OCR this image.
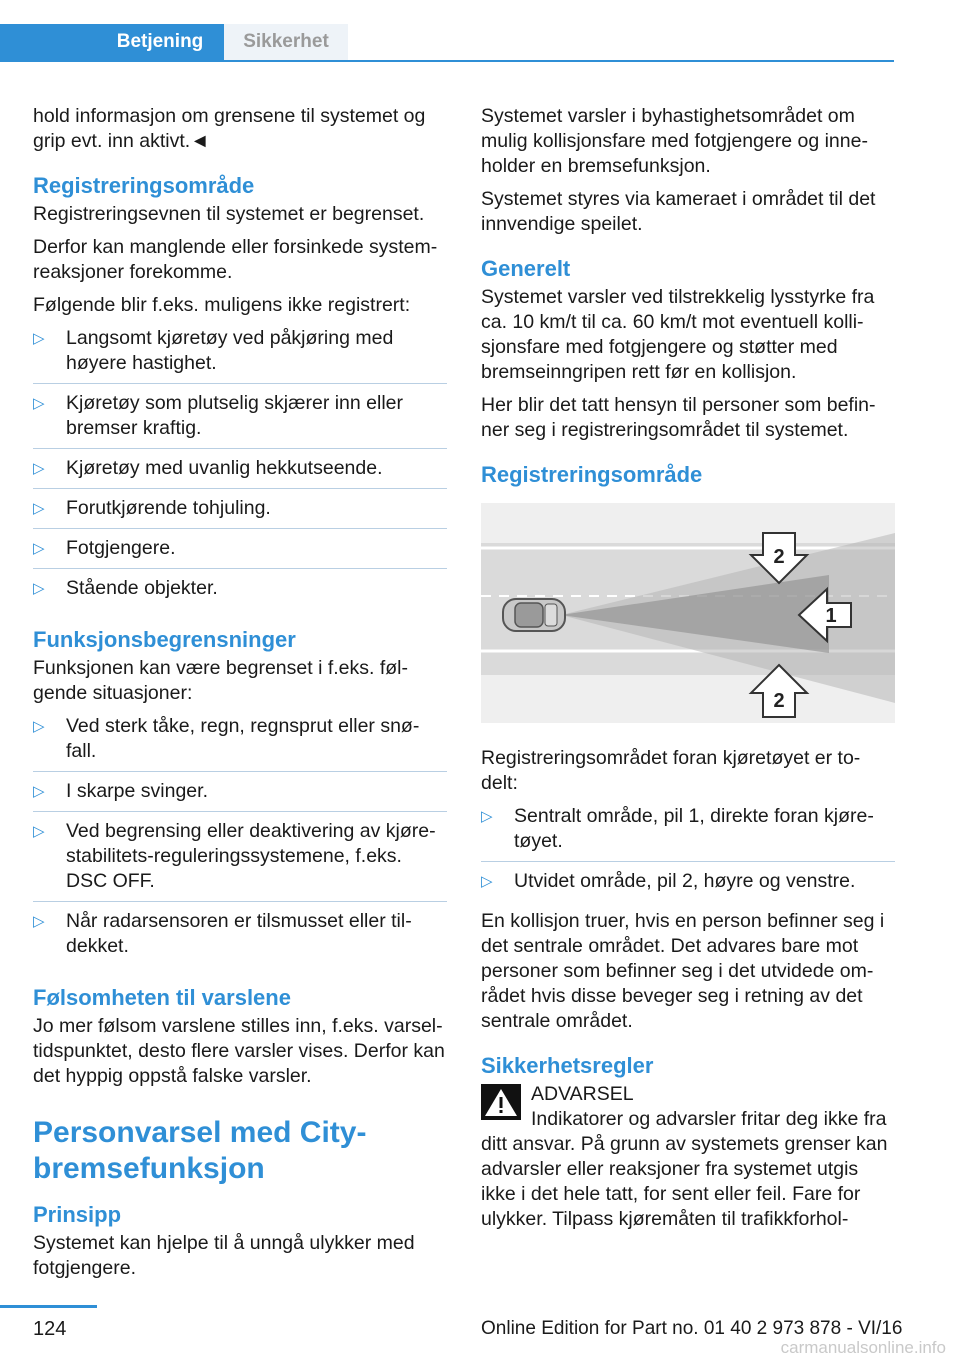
Betjening	Sikkerhet

hold informasjon om grensene til systemet og grip evt. inn aktivt.◄

Registreringsområde

Registreringsevnen til systemet er begrenset.

Derfor kan manglende eller forsinkede system-reaksjoner forekomme.

Følgende blir f.eks. muligens ikke registrert:

▷ Langsomt kjøretøy ved påkjøring med høyere hastighet.
▷ Kjøretøy som plutselig skjærer inn eller bremser kraftig.
▷ Kjøretøy med uvanlig hekkutseende.
▷ Forutkjørende tohjuling.
▷ Fotgjengere.
▷ Stående objekter.
Funksjonsbegrensninger

Funksjonen kan være begrenset i f.eks. føl-gende situasjoner:

▷ Ved sterk tåke, regn, regnsprut eller snø-fall.
▷ I skarpe svinger.
▷ Ved begrensing eller deaktivering av kjøre-stabilitets-reguleringssystemene, f.eks. DSC OFF.
▷ Når radarsensoren er tilsmusset eller til-dekket.
Følsomheten til varslene

Jo mer følsom varslene stilles inn, f.eks. varsel-tidspunktet, desto flere varsler vises. Derfor kan det hyppig oppstå falske varsler.

Personvarsel med City-bremsefunksjon
Prinsipp

Systemet kan hjelpe til å unngå ulykker med fotgjengere.

Systemet varsler i byhastighetsområdet om mulig kollisjonsfare med fotgjengere og inne-holder en bremsefunksjon.

Systemet styres via kameraet i området til det innvendige speilet.

Generelt

Systemet varsler ved tilstrekkelig lysstyrke fra ca. 10 km/t til ca. 60 km/t mot eventuell kolli-sjonsfare med fotgjengere og støtter med bremseinngripen rett før en kollisjon.

Her blir det tatt hensyn til personer som befin-ner seg i registreringsområdet til systemet.

Registreringsområde
2
1
2

Registreringsområdet foran kjøretøyet er to-delt:

▷ Sentralt område, pil 1, direkte foran kjøre-tøyet.
▷ Utvidet område, pil 2, høyre og venstre.

En kollisjon truer, hvis en person befinner seg i det sentrale området. Det advares bare mot personer som befinner seg i det utvidede om-rådet hvis disse beveger seg i retning av det sentrale området.

Sikkerhetsregler

ADVARSEL

Indikatorer og advarsler fritar deg ikke fra ditt ansvar. På grunn av systemets grenser kan advarsler eller reaksjoner fra systemet utgis ikke i det hele tatt, for sent eller feil. Fare for ulykker. Tilpass kjøremåten til trafikkforhol-

124	Online Edition for Part no. 01 40 2 973 878 - VI/16
carmanualsonline.info
